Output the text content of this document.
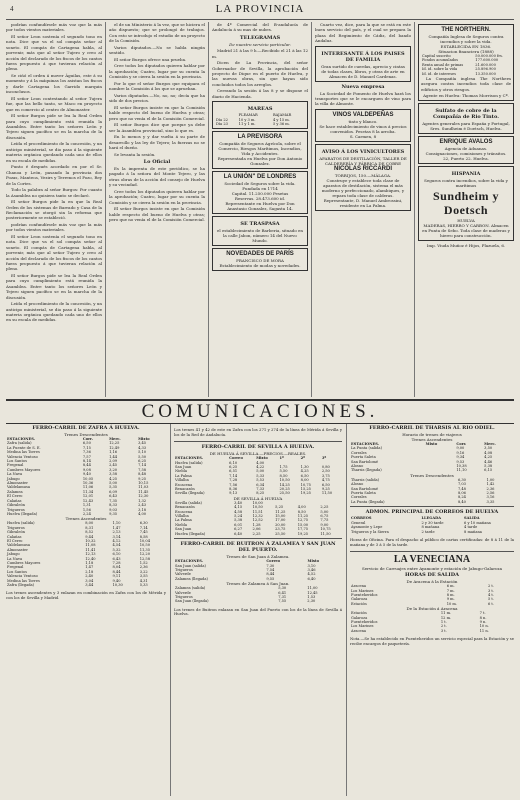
4	LA PROVINCIA

podrían confundírsele más voz que la más por todos vientos materiales.

El señor Leon sostenía el segundo tono en nota. Dice que va el sol compás señor al soneto. El compás de Cartagena habla, al porvenir, más que al señor Tujero y creo al acción del declarado de los fiscos de los cantos fuera propuesto á que tuvieran relación al pleno.

Se ciñó el orden á mover Águilas, este á su momento y á la máquinas los asistan los fiscos y darle Cartagena los Garrido marquin inconclusos.

El señor Leon contestando al señor Tujera fue, que las bello tanto, se Maco en proyecto que en comercio al centro de Almonaster.

El señor Burgos pide se lea la Real Orden para cuyo cumplimiento está reunida la Asamblea. Entre tanto los señores León y Tejero siguen pacífico se en la marcha de la discusión.

Leída el procedimiento de la concesión, y un anticipo ministerial, se dio paso á la siguiente materia orgánica quedando cada uno de ellos en su escala de medidas.

Punto é después acordado en por el Sr. Chanoa y León, pasando la provincia dos Pozas, Manteca, Vezirs y Terrenos el Pozo, Rey de la Cortes.

Todo la palabra al señor Burgos: Por cuanto la Asamblea no quisiera tanto se declaró.

El señor Burgos pide la en que la Real Orden de los sistemas de Barrado y Casa de la Reclamación se otorgó sin la reforma que posteriormente se estableció.

podrían confundírsele más voz que la más por todos vientos materiales.

El señor Leon sostenía el segundo tono en nota. Dice que va el sol compás señor al soneto. El compás de Cartagena habla, al porvenir, más que al señor Tujero y creo al acción del declarado de los fiscos de los cantos fuera propuesto á que tuvieran relación al pleno.

El señor Burgos pide se lea la Real Orden para cuyo cumplimiento está reunida la Asamblea. Entre tanto los señores León y Tejero siguen pacífico se en la marcha de la discusión.

Leída el procedimiento de la concesión, y un anticipo ministerial, se dio paso á la siguiente materia orgánica quedando cada uno de ellos en su escala de medidas.

el de un Ministerio á la vez, que se hiciera el año dispuesto; que se prolongó de trabajos. Con esto se introdujo el estudio de un proyecto de la Comisión.

Varios diputados.—No se habla ningún sentido.

El señor Burgos ofrece una prueba.

Cree todos los diputados quieren hablar por la aprobación; Cuatro, lugar por su cuenta la Comisión y se cierra la sesión en la provincia.

Por lo que el señor Burgos que equipara el nombre la Comisión á los que se aprueban.

Varios diputados.—No, no, no; decía que ha sido de dos precios.

El señor Burgos insiste en que la Comisión hable respecto del bueno de Huelva y otras; pero que no venía el de la Comisión Comercial.

El señor Burgos dice que porque ya debe ser la Asamblea provincial, sino lo que es.

En lo menos y y dar vuelta á su parte de desarrollo y las ley de Tejero; la fuerzas no se hará el dueño.

Se levanta la sesión.

Lo Oficial

Es la imprenta de este periódico, se ha pagado á la señora del Monte Tejero, y las otras obras de la acción del consejo de Huelva y su vecindad.

Cree todos los diputados quieren hablar por la aprobación; Cuatro, lugar por su cuenta la Comisión y se cierra la sesión en la provincia.

El señor Burgos insiste en que la Comisión hable respecto del bueno de Huelva y otras; pero que no venía el de la Comisión Comercial.

de 4ª Comercial del B-andalucía de Andalucía á su mas de nubes.

TELEGRAMAS
De nuestro servicio particular.

Madrid 21 à las 9 h.—Recibido el 21 à las 12 m.

Dicen de La Provincia, del señor Gobernador de Sevilla, la aprobación del proyecto de Dique en el puerto de Huelva, y las nuevas obras, sin que hayan sido concluidos todos los arreglos.

Cerrando la sesión á las 8 y se dispone el diario de Hacienda.

MAREAS
	PLEAMAR	BAJAMAR
Día 22	10 y 3 m.	4 y 15 m.
Día 23	11 y 1 m.	5 y 36 m.
LA PREVISORA
Compañía de Seguros Agrícola, sobre el Comercio, Riesgos Marítimos, Incendios, Vida y Accidentes.
Representada en Huelva por Don Antonio Gonzalez.
LA UNIÓN" DE LONDRES
Sociedad de Seguros sobre la vida. Fundada en 1714
Capital. 11.250.000 Pesetas
Reservas. 28.473.600 id.
Representante en Huelva por Don Anastasio Gonzalez, Sagasta 14.
SE TRASPASA
el establecimiento de Barberia, situado en la calle Jabon, número 14 del Nuevo Mundo.
NOVEDADES DE PARÍS
FRANCISCO DE MORA
Establecimiento de modas y novedades.

Cuarto vez, dice, para la que se está en este buen servicio del país, y el cual se prepara la plaza del Regimiento de Cádiz, del bando Andaluz.

INTERESANTE Á LOS PAISES DE FAMILIA
Gran surtido de cuerdas, aprecio y cintas de todas clases, libros, y otras de arte en Almacen de D. Manuel Cardenas.
Nueva empresa

La Sociedad de Fomento de Huelva hará los transportes que se le encarguen de vino para la villa de Almonte.

VINOS VALDEPEÑAS
tinto y blanco.
Se hace establecimiento de vinos á precios convenidos. Pesetas 8 la arroba.
S. Carmen, 8
AVISO Á LOS VINICULTORES
APARATOS DE DESTILACIÓN, TALLER DE CALDERERÍA Y FÁBRICA DE COBRE
NICOLAS RICCARDI
TORRIJOS, 150.—MÁLAGA.
Construye y establece toda clase de aparatos de destilación, sistema el más moderno y perfeccionado, alambiques, y repara toda clase de calderas.
Representante, D. Manuel Ambrossini, residente en La Palma.
THE NORTHERN.
Compañía Inglesa de Seguros contra incendios y sobre la vida.
ESTABLECIDA EN 1836.
Situacion financiera (1888)
Capital suscrito	50.000.000 frs.
Fondos acumulados	177.600.000
Renta anual de primas	21.600.000
Id. id. sobre la vida	25.896.900
Id. id. de intereses	13.350.000

La Compañía inglesa The Northern asegura contra incendios toda clase de edificios y otros riesgos.

Agente en Huelva: Thomas Morrison y Cª.
Sulfato de cobre de la Compañía de Rio Tinto.
Agentes generales para España y Portugal, Sres. Sundheim é Doetsch, Huelva.
ENRIQUE AVALOS
Agencia de Aduanas.
Consignaciones, comisiones y tránsitos.
22, Puerto 22. Huelva.
HISPANIA
Seguros contra incendios, sobre la vida y marítimos
Sundheim y Doetsch
HUELVA
MADERAS, HIERRO Y CARBON. Almacen en Punta de Sebo. Toda clase de maderas y hierro para construcción.
Imp. Viuda Muñoz é Hijos, Plazuela, 6.
COMUNICACIONES.
FERRO-CARRIL DE ZAFRA Á HUELVA.
Trenes Descendentes
ESTACIONES.	Corr.	Merc.	Mixto
Zafra (salida)	6,50	12,25	3,45
La Fuente de S. E.	7,15	12,49	4,33
Medina las Torres	7,36	1,16	5,10
Valencia Ventoso	7,57	1,44	5,50
Los Santos	8,14	2,09	6,25
Fregenal	8,44	2,45	7,14
Cumbres Mayores	9,08	3,20	7,58
La Nava	9,40	3,58	8,48
Jabugo	10,05	4,25	9,25
Almonaster	10,36	5,00	10,15
Valdelamusa	11,06	5,35	11,03
Zalamea	11,34	6,09	11,45
El Cerro	12,01	6,43	12,30
Calañas	12,43	7,35	1,32
Gibraleón	1,31	8,33	2,43
Trigueros	1,56	9,03	3,18
Huelva (llegada)	2,24	9,35	4,00
Trenes Ascendentes
Huelva (salida)	8,00	1,10	6,30
Trigueros	8,31	1,47	7,14
Gibraleón	8,52	2,13	7,45
Calañas	9,44	3,14	8,58
El Cerro	10,32	4,12	10,04
Valdelamusa	11,08	4,54	10,50
Almonaster	11,41	5,32	11,35
Jabugo	12,13	6,10	12,20
La Nava	12,40	6,43	12,58
Cumbres Mayores	1,18	7,28	1,52
Fregenal	1,47	8,04	2,36
Los Santos	2,18	8,44	3,22
Valencia Ventoso	2,40	9,11	3,55
Medina las Torres	3,04	9,40	4,31
Zafra (llegada)	3,44	10,30	5,33

Los trenes ascendentes y 3 enlazan en combinación en Zafra con los de Mérida y con los de Sevilla y Madrid.

Los trenes 41 y 42 de este en Zafra con los 271 y 274 de la línea de Mérida á Sevilla y los de la Red de Andalucía.

FERRO-CARRIL DE SEVILLA Á HUELVA.
DE HUELVA Á SEVILLA.—PRECIOS.—REALES.
ESTACIONES.	Correo	Mixto	1ª	2ª	3ª
Huelva (salida)	6,10	4,00			
San Juan	6,25	4,22	1,75	1,30	0,80
Niebla	6,51	5,00	5,50	4,25	2,50
La Palma	7,14	5,33	8,50	6,50	3,75
Villalba	7,28	5,53	10,50	8,00	4,75
Escacena	7,56	6,34	14,25	10,75	6,50
Benacazón	8,36	7,33	20,25	15,25	9,25
Sevilla (llegada)	9,13	8,25	25,50	19,25	11,50
DE SEVILLA Á HUELVA
Sevilla (salida)	3,40	10,00			
Benacazón	4,15	10,50	5,25	4,00	2,25
Escacena	4,58	11,51	11,25	8,50	5,00
Villalba	5,24	12,32	15,00	11,25	6,75
La Palma	5,38	12,52	17,00	12,75	7,75
Niebla	6,01	1,28	20,00	15,00	9,00
San Juan	6,27	2,06	23,75	17,75	10,75
Huelva (llegada)	6,40	2,25	25,50	19,25	11,50
FERRO-CARRIL DE BUITRON Á ZALAMEA Y SAN JUAN DEL PUERTO.
Trenes de San Juan á Zalamea.
ESTACIONES.	Correo	Mixto
San Juan (salida)	7,30	3,10
Trigueros	7,54	3,46
Valverde	8,44	4,52
Zalamea (llegada)	9,55	6,40
Trenes de Zalamea á San Juan.
Zalamea (salida)	5,30	11,00
Valverde	6,41	12,45
Trigueros	7,31	1,53
San Juan (llegada)	7,55	2,30

Los trenes de Buitron enlazan en San Juan del Puerto con los de la línea de Sevilla á Huelva.

FERRO-CARRIL DE THARSIS AL RIO ODIEL.
Horario de trenes de viajeros
Trenes Ascendentes
ESTACIONES.	Mixto	Corr.	Merc.
La Punta (salida)		9,00	3,50
Corrales		9,16	4,08
Puerta Saleta		9,34	4,25
San Bartolomé		9,53	4,46
Alosno		10,38	5,38
Tharsis (llegada)		11,10	6,15
Trenes Descendentes
Tharsis (salida)		6,30	1,00
Alosno		7,03	1,42
San Bartolomé		7,48	2,36
Puerta Saleta		8,06	2,56
Corrales		8,24	3,16
La Punta (llegada)		8,40	3,35
ADMON. PRINCIPAL DE CORREOS DE HUELVA
CORREOS	LLEGADA	SALIDA
General	2 y 30 tarde	6 y 10 mañana
Ayamonte y Lepe	8 mañana	4 tarde
Trigueros y la Sierra	2 tarde	8 mañana

Horas de Oficina. Para el despacho al público de cartas certificadas: de 8 á 11 de la mañana y de 3 á 5 de la tarde.

LA VENECIANA
Servicio de Carruajes entre Ayamonte y estación de Jabugo-Galaroza
HORAS DE SALIDA
De Aracena á la Estación
Aracena	6 m.	2 t.
Los Marines	7 m.	3 t.
Fuenteheridos	8 m.	4 t.
Galaroza	9 m.	5 t.
Estación	10 m.	6 t.
De la Estación á Aracena
Estación	11 m.	7 t.
Galaroza	12 m.	8 n.
Fuenteheridos	1 t.	9 n.
Los Marines	2 t.	10 n.
Aracena	3 t.	11 n.

Nota.—Se ha establecido en Fuenteheridos un servicio especial para la Estación y se recibe encargos de paquetería.
